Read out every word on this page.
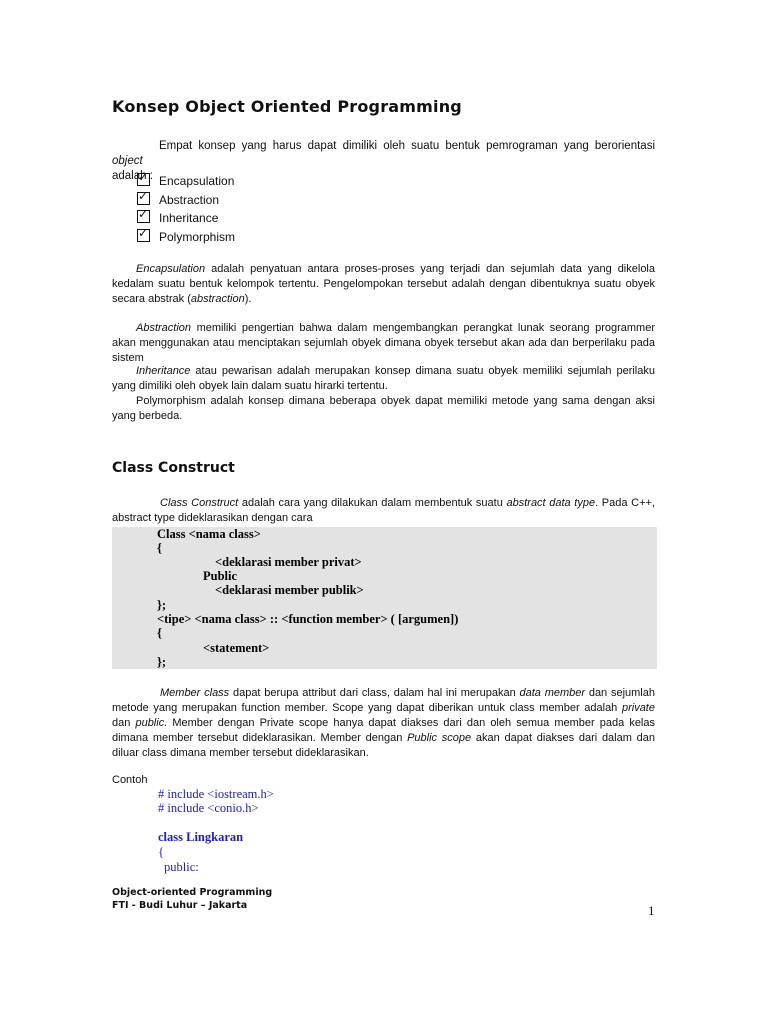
Konsep Object Oriented Programming
Empat konsep yang harus dapat dimiliki oleh suatu bentuk pemrograman yang berorientasi object
adalah :
✓ Encapsulation
✓Abstraction
✓Inheritance
✓Polymorphism
Encapsulation adalah penyatuan antara proses-proses yang terjadi dan sejumlah data yang dikelola kedalam suatu bentuk kelompok tertentu. Pengelompokan tersebut adalah dengan dibentuknya suatu obyek secara abstrak (abstraction).
Abstraction memiliki pengertian bahwa dalam mengembangkan perangkat lunak seorang programmer akan menggunakan atau menciptakan sejumlah obyek dimana obyek tersebut akan ada dan berperilaku pada sistem
Inheritance atau pewarisan adalah merupakan konsep dimana suatu obyek memiliki sejumlah perilaku yang dimiliki oleh obyek lain dalam suatu hirarki tertentu.
Polymorphism adalah konsep dimana beberapa obyek dapat memiliki metode yang sama dengan aksi yang berbeda.
Class Construct
Class Construct adalah cara yang dilakukan dalam membentuk suatu abstract data type. Pada C++, abstract type dideklarasikan dengan cara
Class <nama class>
{
<deklarasi member privat>
Public
<deklarasi member publik>
};
<tipe> <nama class> :: <function member> ( [argumen])
{
<statement>
};
Member class dapat berupa attribut dari class, dalam hal ini merupakan data member dan sejumlah metode yang merupakan function member. Scope yang dapat diberikan untuk class member adalah private dan public. Member dengan Private scope hanya dapat diakses dari dan oleh semua member pada kelas dimana member tersebut dideklarasikan. Member dengan Public scope akan dapat diakses dari dalam dan diluar class dimana member tersebut dideklarasikan.
Contoh
# include <iostream.h>
# include <conio.h>
class Lingkaran
{
public:
Object-oriented Programming
FTI - Budi Luhur – Jakarta	1
